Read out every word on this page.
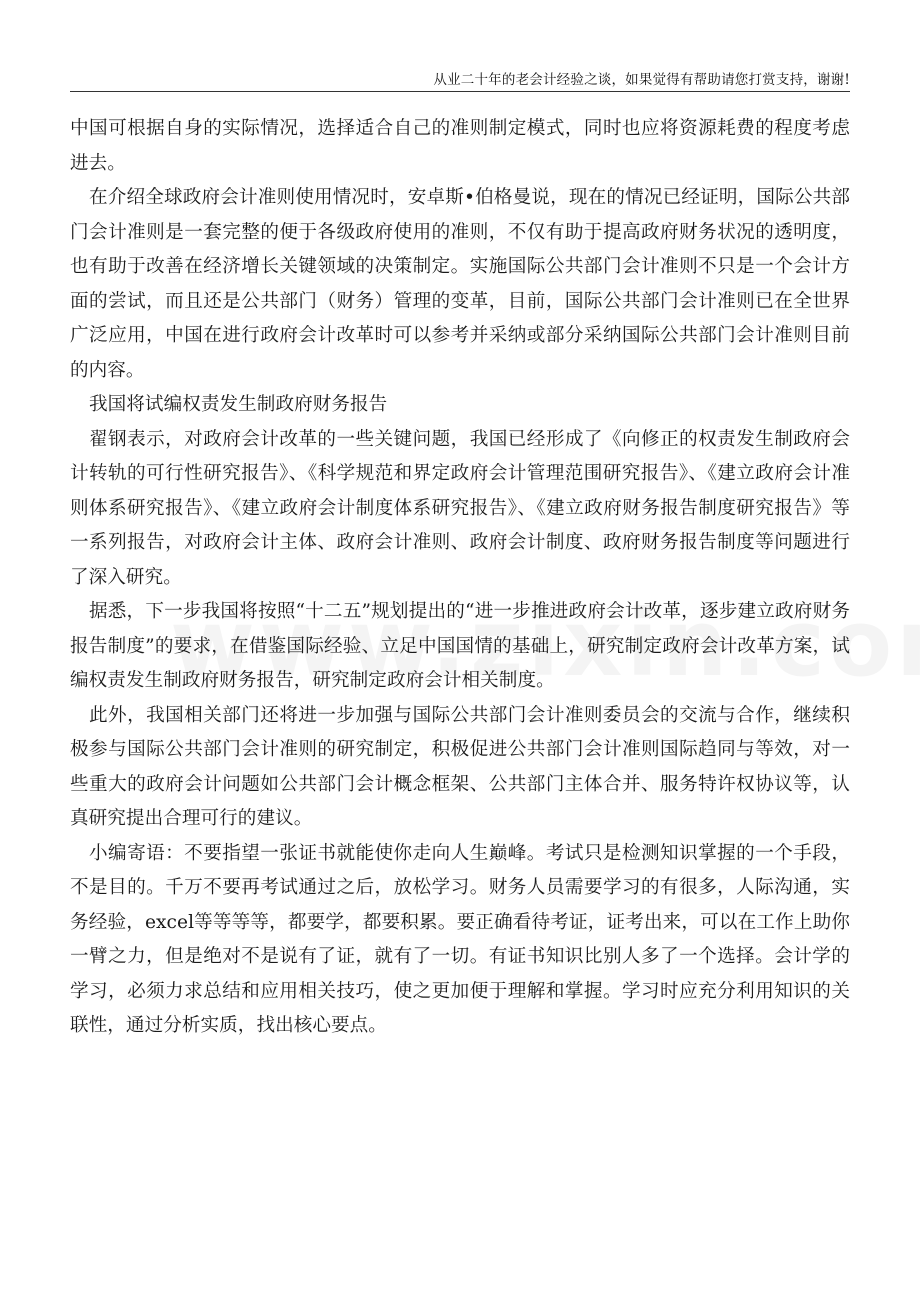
从业二十年的老会计经验之谈，如果觉得有帮助请您打赏支持，谢谢!

中国可根据自身的实际情况，选择适合自己的准则制定模式，同时也应将资源耗费的程度考虑进去。

在介绍全球政府会计准则使用情况时，安卓斯•伯格曼说，现在的情况已经证明，国际公共部门会计准则是一套完整的便于各级政府使用的准则，不仅有助于提高政府财务状况的透明度，也有助于改善在经济增长关键领域的决策制定。实施国际公共部门会计准则不只是一个会计方面的尝试，而且还是公共部门（财务）管理的变革，目前，国际公共部门会计准则已在全世界广泛应用，中国在进行政府会计改革时可以参考并采纳或部分采纳国际公共部门会计准则目前的内容。

我国将试编权责发生制政府财务报告

翟钢表示，对政府会计改革的一些关键问题，我国已经形成了《向修正的权责发生制政府会计转轨的可行性研究报告》、《科学规范和界定政府会计管理范围研究报告》、《建立政府会计准则体系研究报告》、《建立政府会计制度体系研究报告》、《建立政府财务报告制度研究报告》等一系列报告，对政府会计主体、政府会计准则、政府会计制度、政府财务报告制度等问题进行了深入研究。

据悉，下一步我国将按照“十二五”规划提出的“进一步推进政府会计改革，逐步建立政府财务报告制度”的要求，在借鉴国际经验、立足中国国情的基础上，研究制定政府会计改革方案，试编权责发生制政府财务报告，研究制定政府会计相关制度。

此外，我国相关部门还将进一步加强与国际公共部门会计准则委员会的交流与合作，继续积极参与国际公共部门会计准则的研究制定，积极促进公共部门会计准则国际趋同与等效，对一些重大的政府会计问题如公共部门会计概念框架、公共部门主体合并、服务特许权协议等，认真研究提出合理可行的建议。

小编寄语：不要指望一张证书就能使你走向人生巅峰。考试只是检测知识掌握的一个手段，不是目的。千万不要再考试通过之后，放松学习。财务人员需要学习的有很多，人际沟通，实务经验，excel等等等等，都要学，都要积累。要正确看待考证，证考出来，可以在工作上助你一臂之力，但是绝对不是说有了证，就有了一切。有证书知识比别人多了一个选择。会计学的学习，必须力求总结和应用相关技巧，使之更加便于理解和掌握。学习时应充分利用知识的关联性，通过分析实质，找出核心要点。
